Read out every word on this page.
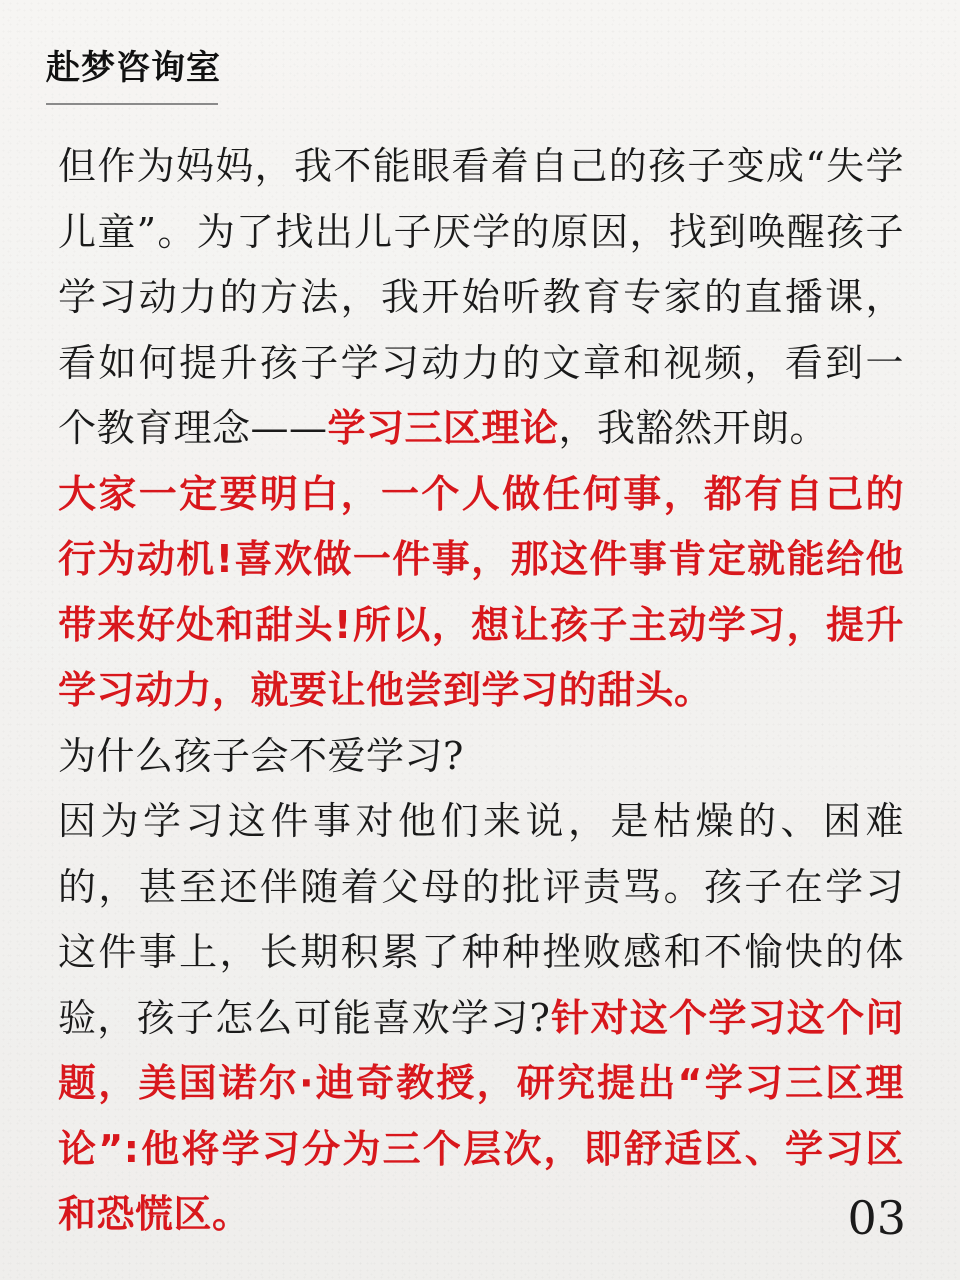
赴梦咨询室

但作为妈妈，我不能眼看着自己的孩子变成“失学儿童”。为了找出儿子厌学的原因，找到唤醒孩子学习动力的方法，我开始听教育专家的直播课，看如何提升孩子学习动力的文章和视频，看到一个教育理念——学习三区理论，我豁然开朗。

大家一定要明白，一个人做任何事，都有自己的行为动机!喜欢做一件事，那这件事肯定就能给他带来好处和甜头!所以，想让孩子主动学习，提升学习动力，就要让他尝到学习的甜头。

为什么孩子会不爱学习?

因为学习这件事对他们来说，是枯燥的、困难的，甚至还伴随着父母的批评责骂。孩子在学习这件事上，长期积累了种种挫败感和不愉快的体验，孩子怎么可能喜欢学习?针对这个学习这个问题，美国诺尔·迪奇教授，研究提出“学习三区理论”:他将学习分为三个层次，即舒适区、学习区和恐慌区。	03
